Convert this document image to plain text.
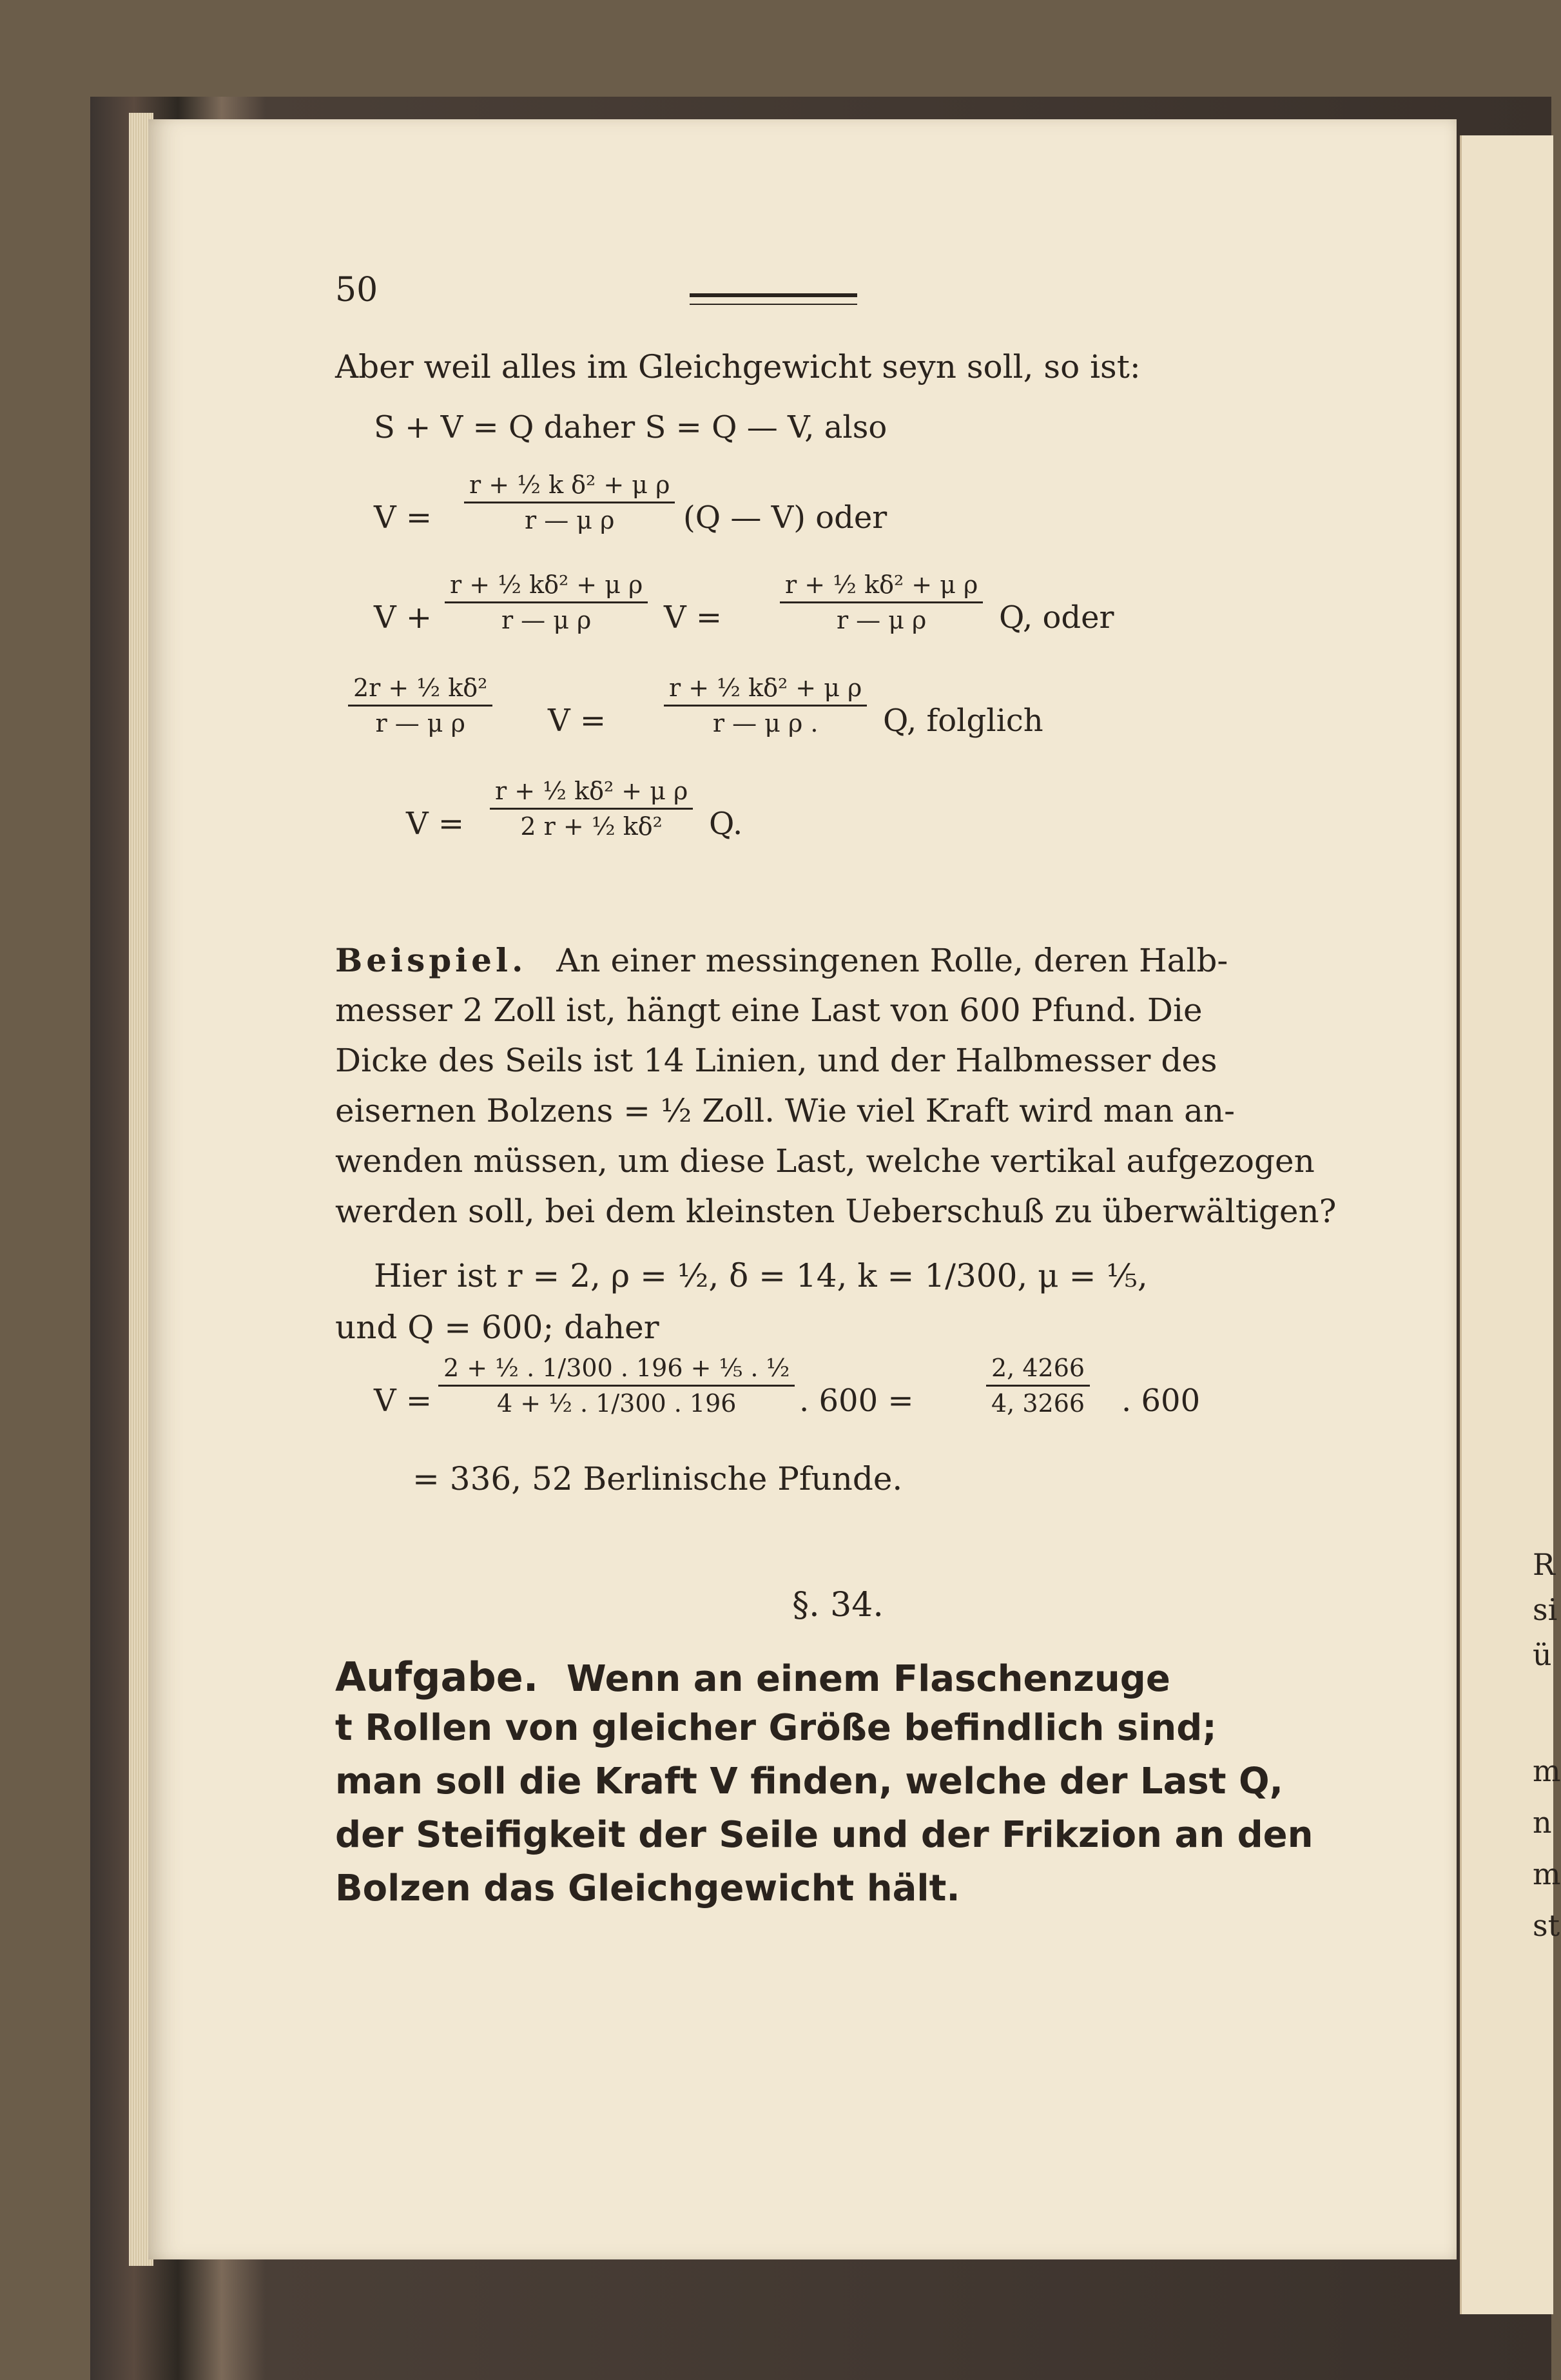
50
Aber weil alles im Gleichgewicht seyn soll, so ist:
S + V = Q daher S = Q — V, also
$V = \frac{\text{r + ½ k δ² + μ ρ}}{\text{r — μ ρ}} (Q$ — V) oder
$V + \frac{\text{r + ½ kδ² + μ ρ}}{\text{r — μ ρ}}$ $V = \frac{\text{r + ½ kδ² + μ ρ}}{\text{r — μ ρ}} Q$, oder
$\frac{\text{2r + ½ kδ²}}{\text{r — μ ρ}}$ $V = \frac{\text{r + ½ kδ² + μ ρ}}{\text{r — μ ρ .}} Q$, folglich
$V = \frac{\text{r + ½ kδ² + μ ρ}}{\text{2 r + ½ kδ²}} Q$.
Beispiel. An einer messingenen Rolle, deren Halb-
messer 2 Zoll ist, hängt eine Last von 600 Pfund. Die
Dicke des Seils ist 14 Linien, und der Halbmesser des
eisernen Bolzens = ½ Zoll. Wie viel Kraft wird man an-
wenden müssen, um diese Last, welche vertikal aufgezogen
werden soll, bei dem kleinsten Ueberschuß zu überwältigen?
Hier ist r = 2, ρ = ½, δ = 14, k = 1/300, μ = ⅕,
und Q = 600; daher
$V = \frac{\text{2 + ½ . 1/300 . 196 + ⅕ . ½}}{\text{4 + ½ . 1/300 . 196}}$ . 600 =	$\frac{2, 4266}{4, 3266}$ . 600
= 336, 52 Berlinische Pfunde.
§. 34.
Aufgabe. Wenn an einem Flaschenzuge
t Rollen von gleicher Größe befindlich sind;
man soll die Kraft V finden, welche der Last Q,
der Steifigkeit der Seile und der Frikzion an den
Bolzen das Gleichgewicht hält.
R
si
ü
m
n
m
st
